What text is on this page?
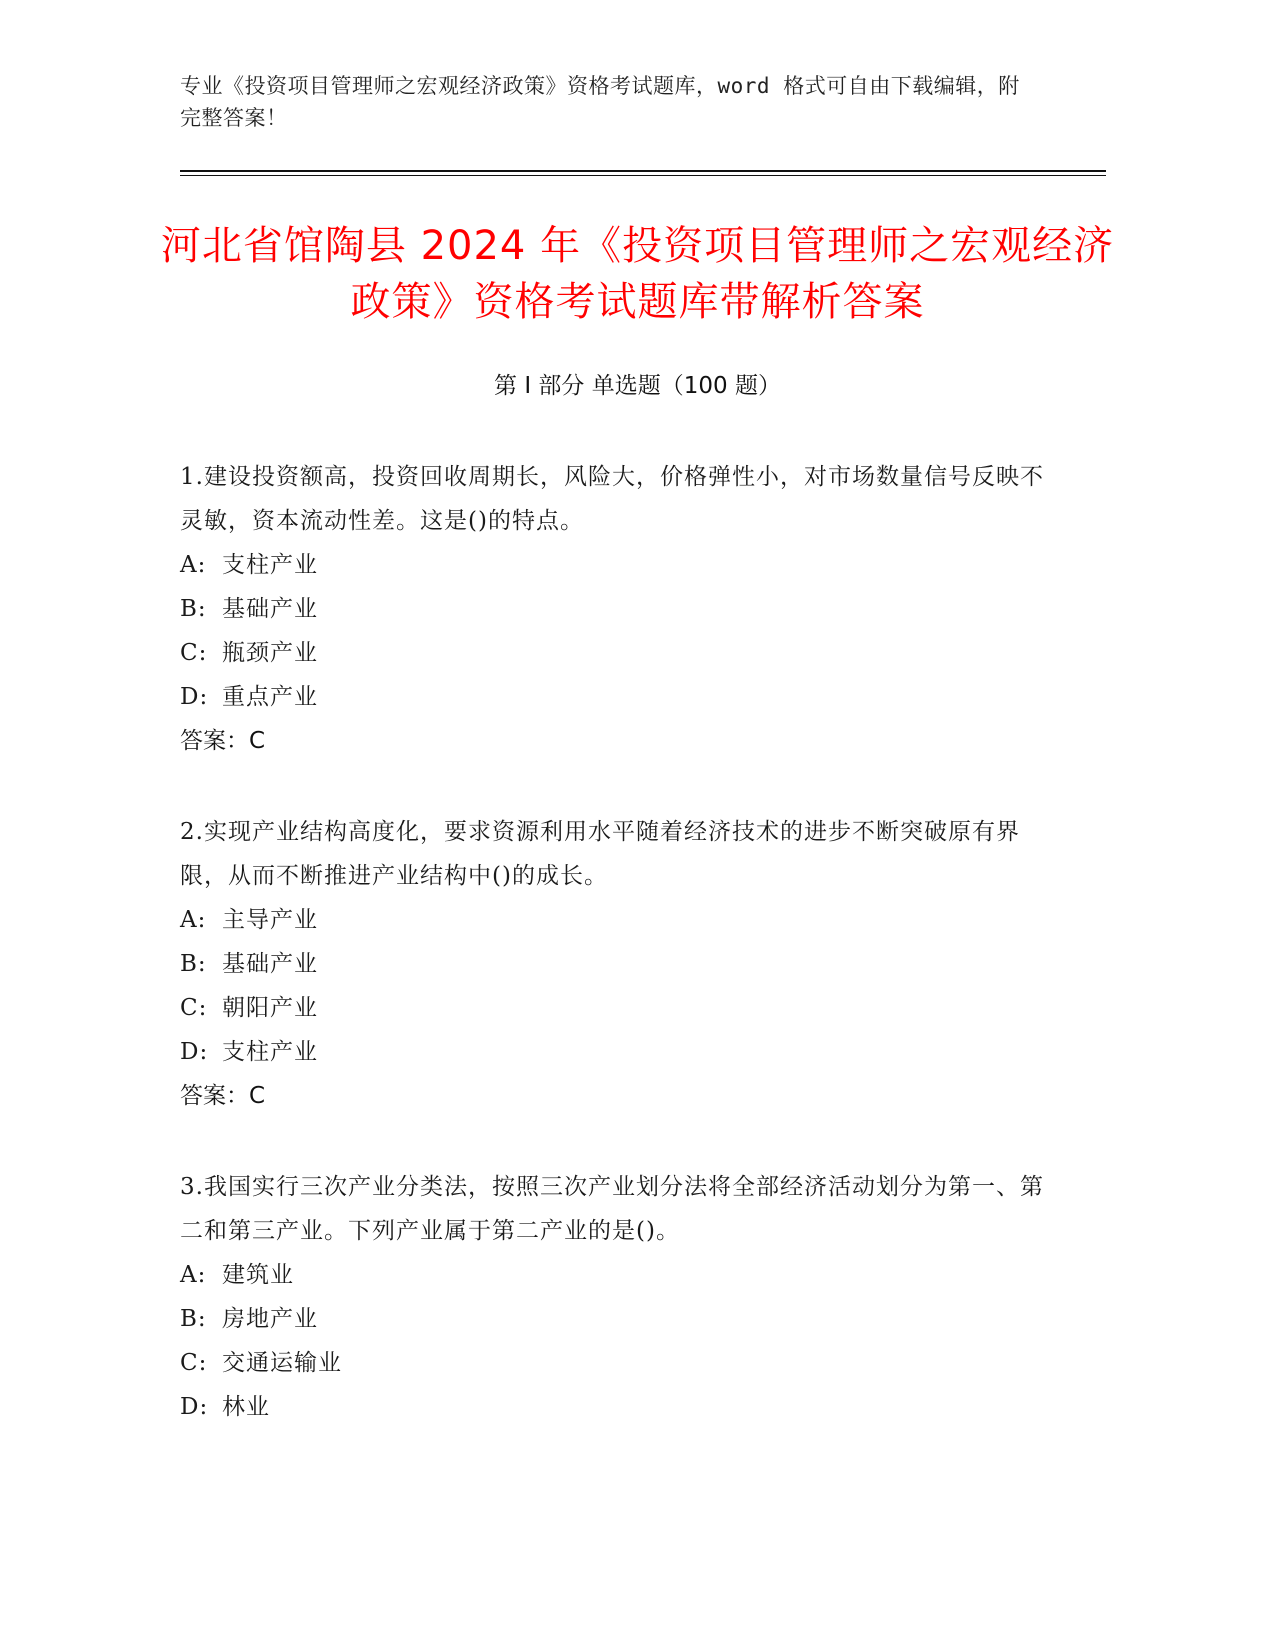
专业《投资项目管理师之宏观经济政策》资格考试题库，word 格式可自由下载编辑，附完整答案！
河北省馆陶县 2024 年《投资项目管理师之宏观经济政策》资格考试题库带解析答案
第 I 部分 单选题（100 题）
1.建设投资额高，投资回收周期长，风险大，价格弹性小，对市场数量信号反映不灵敏，资本流动性差。这是()的特点。
A: 支柱产业
B: 基础产业
C: 瓶颈产业
D: 重点产业
答案：C
2.实现产业结构高度化，要求资源利用水平随着经济技术的进步不断突破原有界限，从而不断推进产业结构中()的成长。
A: 主导产业
B: 基础产业
C: 朝阳产业
D: 支柱产业
答案：C
3.我国实行三次产业分类法，按照三次产业划分法将全部经济活动划分为第一、第二和第三产业。下列产业属于第二产业的是()。
A: 建筑业
B: 房地产业
C: 交通运输业
D: 林业
